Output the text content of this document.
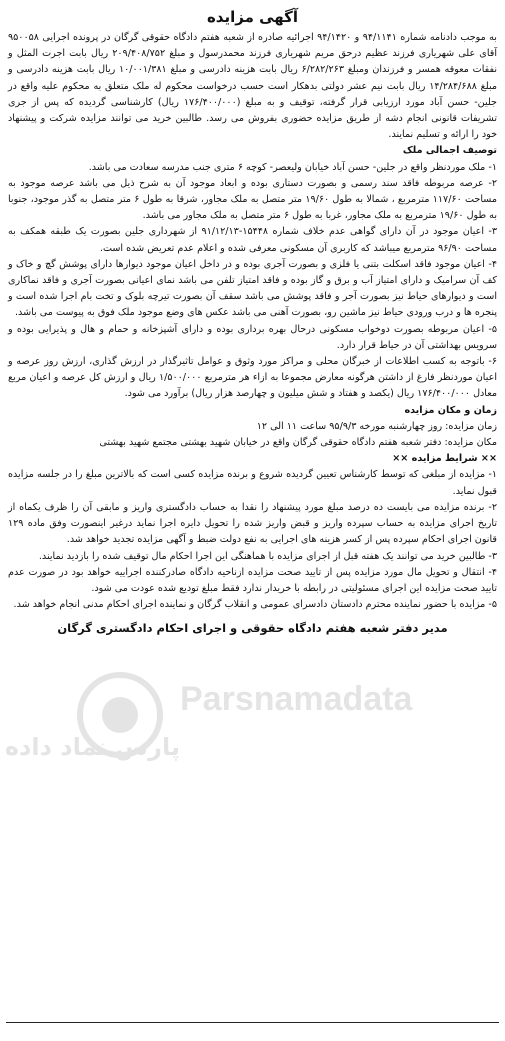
Parsnamadata
پارس نماد داده
آگهی مزایده

به موجب دادنامه شماره ۹۴/۱۱۴۱ و ۹۴/۱۴۲۰ اجرائیه صادره از شعبه هفتم دادگاه حقوقی گرگان در پرونده اجرایی ۹۵۰۰۵۸ آقای علی شهریاری فرزند عظیم درحق مریم شهریاری فرزند محمدرسول و مبلغ ۲۰۹/۴۰۸/۷۵۲ ریال بابت اجرت المثل و نفقات معوقه همسر و فرزندان ومبلغ ۶/۲۸۲/۲۶۳ ریال بابت هزینه دادرسی و مبلغ ۱۰/۰۰۱/۳۸۱ ریال بابت هزینه دادرسی و مبلغ ۱۴/۲۸۴/۶۸۸ ریال بابت نیم عشر دولتی بدهکار است حسب درخواست محکوم له ملک متعلق به محکوم علیه واقع در جلین- حسن آباد مورد ارزیابی قرار گرفته، توقیف و به مبلغ (۱۷۶/۴۰۰/۰۰۰ ریال) کارشناسی گردیده که پس از جری تشریفات قانونی انجام دشه از طریق مزایده حضوری بفروش می رسد. طالبین خرید می توانند مزایده شرکت و پیشنهاد خود را ارائه و تسلیم نمایند.

توصیف اجمالی ملک

۱- ملک موردنظر واقع در جلین- حسن آباد خیابان ولیعصر- کوچه ۶ متری جنب مدرسه سعادت می باشد.

۲- عرصه مربوطه فاقد سند رسمی و بصورت دستاری بوده و ابعاد موجود آن به شرح ذیل می باشد عرصه موجود به مساحت ۱۱۷/۶۰ مترمربع ، شمالا به طول ۱۹/۶۰ متر متصل به ملک مجاور، شرقا به طول ۶ متر متصل به گذر موجود، جنوبا به طول ۱۹/۶۰ مترمربع به ملک مجاور، غربا به طول ۶ متر متصل به ملک مجاور می باشد.

۳- اعیان موجود در آن دارای گواهی عدم خلاف شماره ۱۵۴۴۸-۹۱/۱۲/۱۳ از شهرداری جلین بصورت یک طبقه همکف به مساحت ۹۶/۹۰ مترمربع میباشد که کاربری آن مسکونی معرفی شده و اعلام عدم تعریض شده است.

۴- اعیان موجود فاقد اسکلت بتنی یا فلزی و بصورت آجری بوده و در داخل اعیان موجود دیوارها دارای پوشش گچ و خاک و کف آن سرامیک و دارای امتیاز آب و برق و گاز بوده و فاقد امتیاز تلفن می باشد نمای اعیانی بصورت آجری و فاقد نماکاری است و دیوارهای حیاط نیز بصورت آجر و فاقد پوشش می باشد سقف آن بصورت تیرچه بلوک و تخت بام اجرا شده است و پنجره ها و درب ورودی حیاط نیز ماشین رو، بصورت آهنی می باشد عکس های وضع موجود ملک فوق به پیوست می باشد.

۵- اعیان مربوطه بصورت دوخواب مسکونی درحال بهره برداری بوده و دارای آشپزخانه و حمام و هال و پذیرایی بوده و سرویس بهداشتی آن در حیاط قرار دارد.

۶- باتوجه به کسب اطلاعات از خبرگان محلی و مراکز مورد وثوق و عوامل تاثیرگذار در ارزش گذاری، ارزش روز عرصه و اعیان موردنظر فارغ از داشتن هرگونه معارض مجموعا به ازاء هر مترمربع ۱/۵۰۰/۰۰۰ ریال و ارزش کل عرصه و اعیان مربع معادل ۱۷۶/۴۰۰/۰۰۰ ریال (یکصد و هفتاد و شش میلیون و چهارصد هزار ریال) برآورد می شود.

زمان و مکان مزایده

زمان مزایده: روز چهارشنبه مورخه ۹۵/۹/۳ ساعت ۱۱ الی ۱۲

مکان مزایده: دفتر شعبه هفتم دادگاه حقوقی گرگان واقع در خیابان شهید بهشتی مجتمع شهید بهشتی

×× شرایط مزایده ××

۱- مزایده از مبلغی که توسط کارشناس تعیین گردیده شروع و برنده مزایده کسی است که بالاترین مبلغ را در جلسه مزایده قبول نماید.

۲- برنده مزایده می بایست ده درصد مبلغ مورد پیشنهاد را نقدا به حساب دادگستری واریز و مابقی آن را ظرف یکماه از تاریخ اجرای مزایده به حساب سپرده واریز و قبض واریز شده را تحویل دایره اجرا نماید درغیر اینصورت وفق ماده ۱۲۹ قانون اجرای احکام سپرده پس از کسر هزینه های اجرایی به نفع دولت ضبط و آگهی مزایده تجدید خواهد شد.

۳- طالبین خرید می توانند یک هفته قبل از اجرای مزایده با هماهنگی این اجرا احکام مال توقیف شده را بازدید نمایند.

۴- انتقال و تحویل مال مورد مزایده پس از تایید صحت مزایده ازناحیه دادگاه صادرکننده اجراییه خواهد بود در صورت عدم تایید صحت مزایده این اجرای مسئولیتی در رابطه با خریدار ندارد فقط مبلغ تودیع شده عودت می شود.

۵- مزایده با حضور نماینده محترم دادستان دادسرای عمومی و انقلاب گرگان و نماینده اجرای احکام مدنی انجام خواهد شد.

مدیر دفتر شعبه هفتم دادگاه حقوقی و اجرای احکام دادگستری گرگان
